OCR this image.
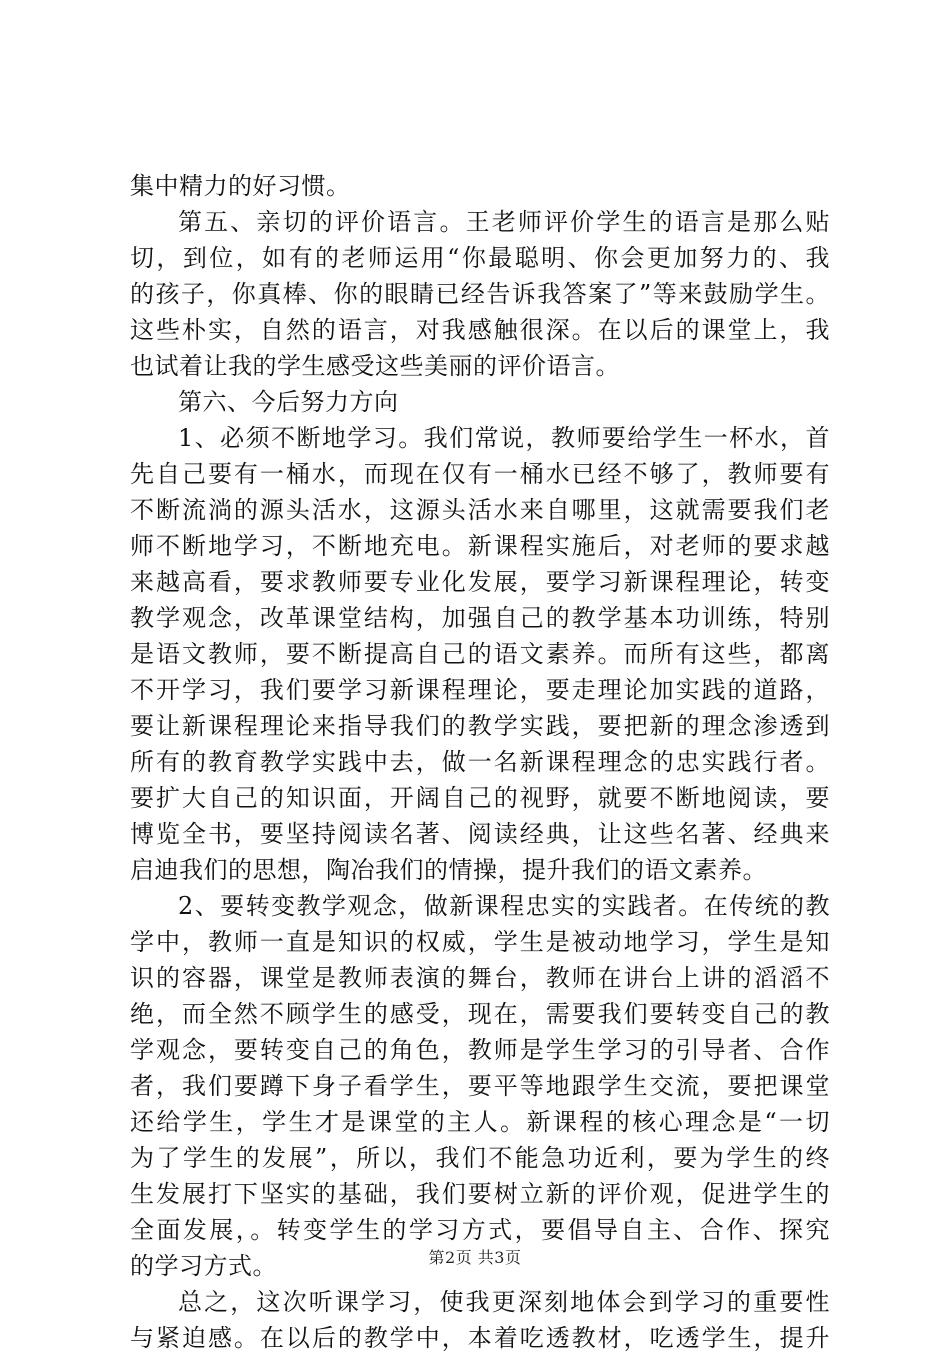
集中精力的好习惯。
第五、亲切的评价语言。王老师评价学生的语言是那么贴
切，到位，如有的老师运用“你最聪明、你会更加努力的、我
的孩子，你真棒、你的眼睛已经告诉我答案了”等来鼓励学生。
这些朴实，自然的语言，对我感触很深。在以后的课堂上，我
也试着让我的学生感受这些美丽的评价语言。
第六、今后努力方向
1、必须不断地学习。我们常说，教师要给学生一杯水，首
先自己要有一桶水，而现在仅有一桶水已经不够了，教师要有
不断流淌的源头活水，这源头活水来自哪里，这就需要我们老
师不断地学习，不断地充电。新课程实施后，对老师的要求越
来越高看，要求教师要专业化发展，要学习新课程理论，转变
教学观念，改革课堂结构，加强自己的教学基本功训练，特别
是语文教师，要不断提高自己的语文素养。而所有这些，都离
不开学习，我们要学习新课程理论，要走理论加实践的道路，
要让新课程理论来指导我们的教学实践，要把新的理念渗透到
所有的教育教学实践中去，做一名新课程理念的忠实践行者。
要扩大自己的知识面，开阔自己的视野，就要不断地阅读，要
博览全书，要坚持阅读名著、阅读经典，让这些名著、经典来
启迪我们的思想，陶冶我们的情操，提升我们的语文素养。
2、要转变教学观念，做新课程忠实的实践者。在传统的教
学中，教师一直是知识的权威，学生是被动地学习，学生是知
识的容器，课堂是教师表演的舞台，教师在讲台上讲的滔滔不
绝，而全然不顾学生的感受，现在，需要我们要转变自己的教
学观念，要转变自己的角色，教师是学生学习的引导者、合作
者，我们要蹲下身子看学生，要平等地跟学生交流，要把课堂
还给学生，学生才是课堂的主人。新课程的核心理念是“一切
为了学生的发展”，所以，我们不能急功近利，要为学生的终
生发展打下坚实的基础，我们要树立新的评价观，促进学生的
全面发展，。转变学生的学习方式，要倡导自主、合作、探究
的学习方式。
总之，这次听课学习，使我更深刻地体会到学习的重要性
与紧迫感。在以后的教学中，本着吃透教材，吃透学生，提升
第2页 共3页
